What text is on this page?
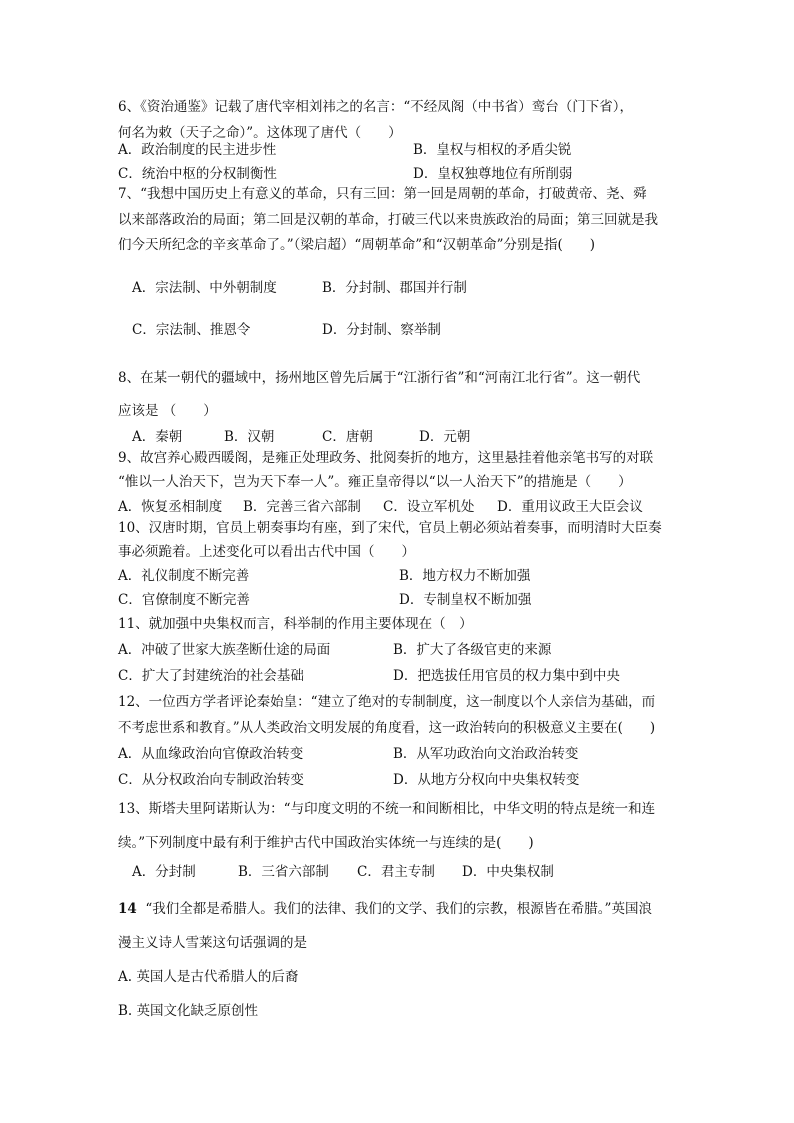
6、《资治通鉴》记载了唐代宰相刘祎之的名言：“不经凤阁（中书省）鸾台（门下省），
何名为敕（天子之命）”。这体现了唐代（　　）
A．政治制度的民主进步性	B．皇权与相权的矛盾尖锐
C．统治中枢的分权制衡性	D．皇权独尊地位有所削弱
7、“我想中国历史上有意义的革命，只有三回：第一回是周朝的革命，打破黄帝、尧、舜
以来部落政治的局面；第二回是汉朝的革命，打破三代以来贵族政治的局面；第三回就是我
们今天所纪念的辛亥革命了。”（梁启超）“周朝革命”和“汉朝革命”分别是指(　　)
A．宗法制、中外朝制度	B．分封制、郡国并行制
C．宗法制、推恩令	D．分封制、察举制
8、在某一朝代的疆域中，扬州地区曾先后属于“江浙行省”和“河南江北行省”。这一朝代
应该是 （　　）
A．秦朝	B．汉朝	C．唐朝	D．元朝
9、故宫养心殿西暖阁，是雍正处理政务、批阅奏折的地方，这里悬挂着他亲笔书写的对联
“惟以一人治天下，岂为天下奉一人”。雍正皇帝得以“以一人治天下”的措施是（　　）
A．恢复丞相制度 B．完善三省六部制 C．设立军机处 D．重用议政王大臣会议
10、汉唐时期，官员上朝奏事均有座，到了宋代，官员上朝必须站着奏事，而明清时大臣奏
事必须跪着。上述变化可以看出古代中国（　　）
A．礼仪制度不断完善	B．地方权力不断加强
C．官僚制度不断完善	D．专制皇权不断加强
11、就加强中央集权而言，科举制的作用主要体现在（　）
A．冲破了世家大族垄断仕途的局面	B．扩大了各级官吏的来源
C．扩大了封建统治的社会基础	D．把选拔任用官员的权力集中到中央
12、一位西方学者评论秦始皇：“建立了绝对的专制制度，这一制度以个人亲信为基础，而
不考虑世系和教育。”从人类政治文明发展的角度看，这一政治转向的积极意义主要在(　　)
A．从血缘政治向官僚政治转变	B．从军功政治向文治政治转变
C．从分权政治向专制政治转变	D．从地方分权向中央集权转变
13、斯塔夫里阿诺斯认为：“与印度文明的不统一和间断相比，中华文明的特点是统一和连
续。”下列制度中最有利于维护古代中国政治实体统一与连续的是(　　)
A．分封制	B．三省六部制 C．君主专制 D．中央集权制
14 “我们全都是希腊人。我们的法律、我们的文学、我们的宗教，根源皆在希腊。”英国浪
漫主义诗人雪莱这句话强调的是
A. 英国人是古代希腊人的后裔
B. 英国文化缺乏原创性
